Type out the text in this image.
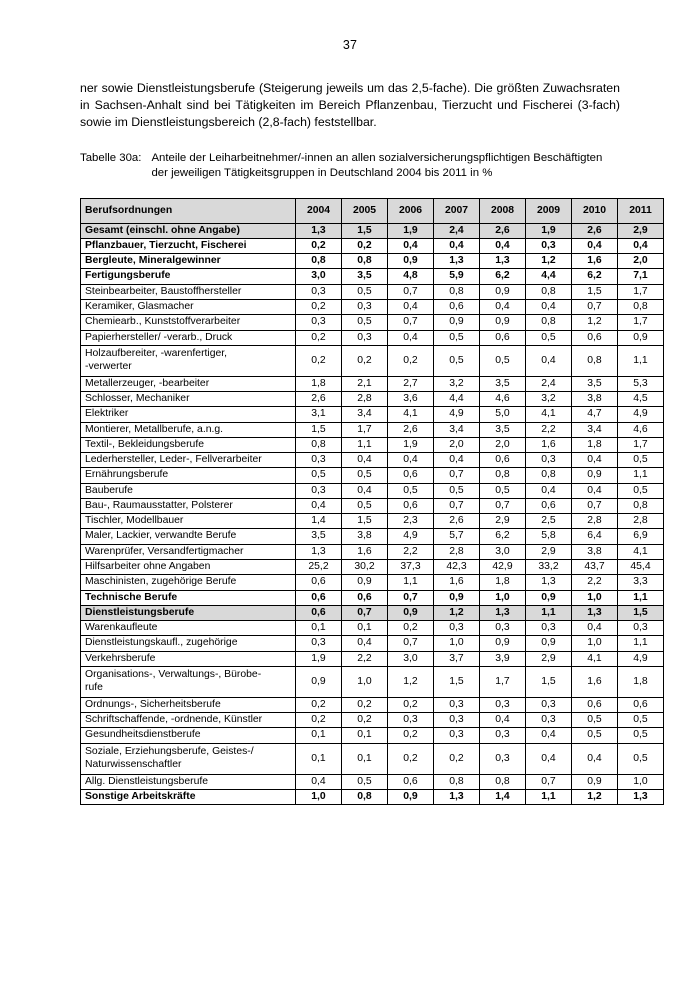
37
ner sowie Dienstleistungsberufe (Steigerung jeweils um das 2,5-fache). Die größten Zuwachsraten in Sachsen-Anhalt sind bei Tätigkeiten im Bereich Pflanzenbau, Tierzucht und Fischerei (3-fach) sowie im Dienstleistungsbereich (2,8-fach) feststellbar.
Tabelle 30a: Anteile der Leiharbeitnehmer/-innen an allen sozialversicherungspflichtigen Beschäftigten der jeweiligen Tätigkeitsgruppen in Deutschland 2004 bis 2011 in %
Berufsordnungen	2004	2005	2006	2007	2008	2009	2010	2011
Gesamt (einschl. ohne Angabe)	1,3	1,5	1,9	2,4	2,6	1,9	2,6	2,9
Pflanzbauer, Tierzucht, Fischerei	0,2	0,2	0,4	0,4	0,4	0,3	0,4	0,4
Bergleute, Mineralgewinner	0,8	0,8	0,9	1,3	1,3	1,2	1,6	2,0
Fertigungsberufe	3,0	3,5	4,8	5,9	6,2	4,4	6,2	7,1
Steinbearbeiter, Baustoffhersteller	0,3	0,5	0,7	0,8	0,9	0,8	1,5	1,7
Keramiker, Glasmacher	0,2	0,3	0,4	0,6	0,4	0,4	0,7	0,8
Chemiearb., Kunststoffverarbeiter	0,3	0,5	0,7	0,9	0,9	0,8	1,2	1,7
Papierhersteller/ -verarb., Druck	0,2	0,3	0,4	0,5	0,6	0,5	0,6	0,9
Holzaufbereiter, -warenfertiger,
-verwerter	0,2	0,2	0,2	0,5	0,5	0,4	0,8	1,1
Metallerzeuger, -bearbeiter	1,8	2,1	2,7	3,2	3,5	2,4	3,5	5,3
Schlosser, Mechaniker	2,6	2,8	3,6	4,4	4,6	3,2	3,8	4,5
Elektriker	3,1	3,4	4,1	4,9	5,0	4,1	4,7	4,9
Montierer, Metallberufe, a.n.g.	1,5	1,7	2,6	3,4	3,5	2,2	3,4	4,6
Textil-, Bekleidungsberufe	0,8	1,1	1,9	2,0	2,0	1,6	1,8	1,7
Lederhersteller, Leder-, Fellverarbeiter	0,3	0,4	0,4	0,4	0,6	0,3	0,4	0,5
Ernährungsberufe	0,5	0,5	0,6	0,7	0,8	0,8	0,9	1,1
Bauberufe	0,3	0,4	0,5	0,5	0,5	0,4	0,4	0,5
Bau-, Raumausstatter, Polsterer	0,4	0,5	0,6	0,7	0,7	0,6	0,7	0,8
Tischler, Modellbauer	1,4	1,5	2,3	2,6	2,9	2,5	2,8	2,8
Maler, Lackier, verwandte Berufe	3,5	3,8	4,9	5,7	6,2	5,8	6,4	6,9
Warenprüfer, Versandfertigmacher	1,3	1,6	2,2	2,8	3,0	2,9	3,8	4,1
Hilfsarbeiter ohne Angaben	25,2	30,2	37,3	42,3	42,9	33,2	43,7	45,4
Maschinisten, zugehörige Berufe	0,6	0,9	1,1	1,6	1,8	1,3	2,2	3,3
Technische Berufe	0,6	0,6	0,7	0,9	1,0	0,9	1,0	1,1
Dienstleistungsberufe	0,6	0,7	0,9	1,2	1,3	1,1	1,3	1,5
Warenkaufleute	0,1	0,1	0,2	0,3	0,3	0,3	0,4	0,3
Dienstleistungskaufl., zugehörige	0,3	0,4	0,7	1,0	0,9	0,9	1,0	1,1
Verkehrsberufe	1,9	2,2	3,0	3,7	3,9	2,9	4,1	4,9
Organisations-, Verwaltungs-, Bürobe-
rufe	0,9	1,0	1,2	1,5	1,7	1,5	1,6	1,8
Ordnungs-, Sicherheitsberufe	0,2	0,2	0,2	0,3	0,3	0,3	0,6	0,6
Schriftschaffende, -ordnende, Künstler	0,2	0,2	0,3	0,3	0,4	0,3	0,5	0,5
Gesundheitsdienstberufe	0,1	0,1	0,2	0,3	0,3	0,4	0,5	0,5
Soziale, Erziehungsberufe, Geistes-/
Naturwissenschaftler	0,1	0,1	0,2	0,2	0,3	0,4	0,4	0,5
Allg. Dienstleistungsberufe	0,4	0,5	0,6	0,8	0,8	0,7	0,9	1,0
Sonstige Arbeitskräfte	1,0	0,8	0,9	1,3	1,4	1,1	1,2	1,3
